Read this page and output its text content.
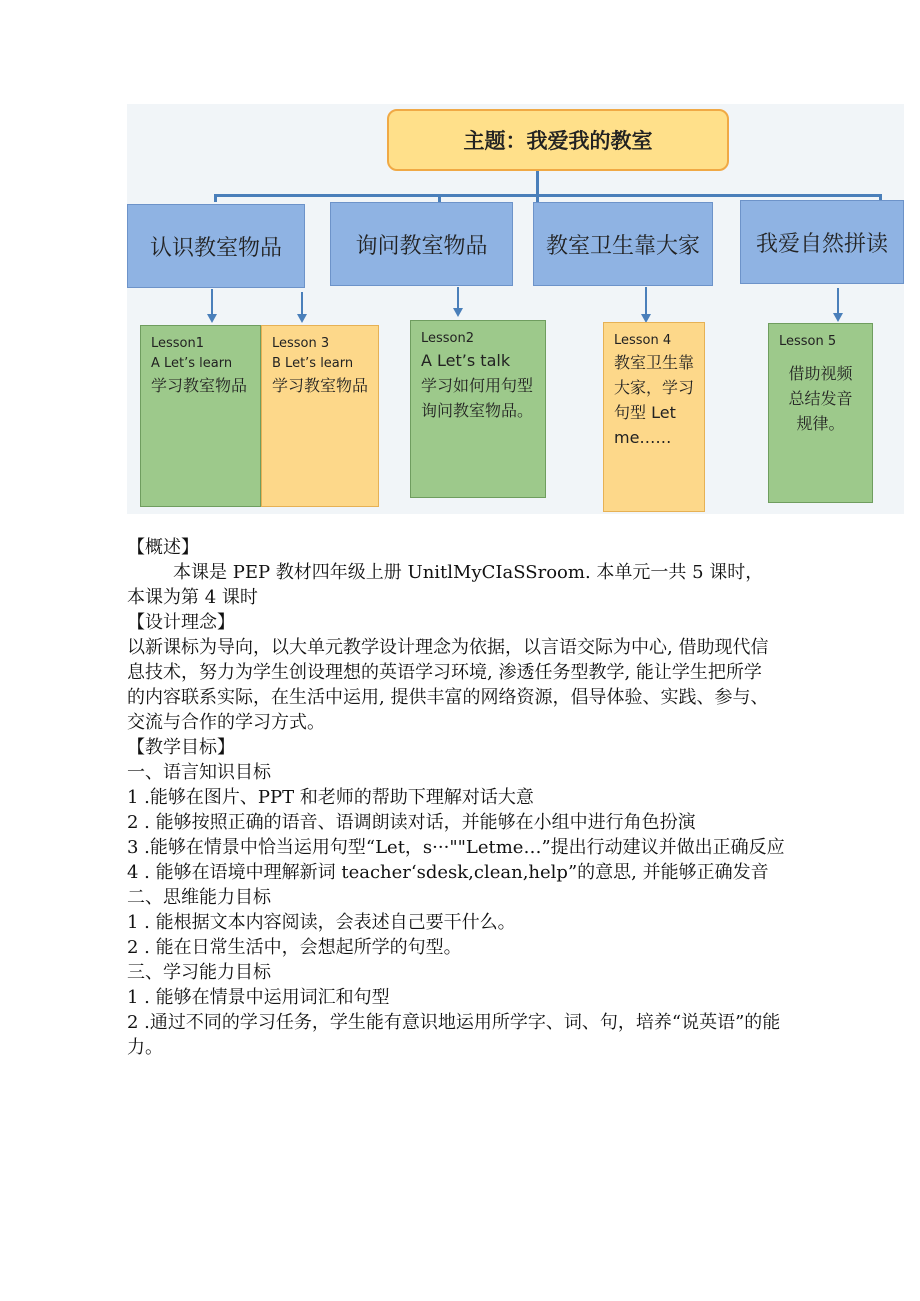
主题：我爱我的教室
认识教室物品	询问教室物品	教室卫生靠大家	我爱自然拼读
Lesson1
A Let’s learn
学习教室物品
Lesson 3
B Let’s learn
学习教室物品
Lesson2
A Let’s talk
学习如何用句型询问教室物品。
Lesson 4
教室卫生靠大家，学习句型 Let me……
Lesson 5
借助视频总结发音规律。

【概述】

本课是 PEP 教材四年级上册 UnitlMyCIaSSroom. 本单元一共 5 课时，

本课为第 4 课时

【设计理念】

以新课标为导向，以大单元教学设计理念为依据，以言语交际为中心, 借助现代信息技术，努力为学生创设理想的英语学习环境, 渗透任务型教学, 能让学生把所学的内容联系实际，在生活中运用, 提供丰富的网络资源，倡导体验、实践、参与、交流与合作的学习方式。

【教学目标】

一、语言知识目标

1 .能够在图片、PPT 和老师的帮助下理解对话大意

2 . 能够按照正确的语音、语调朗读对话，并能够在小组中进行角色扮演

3 .能够在情景中恰当运用句型“Let，s···""Letme…”提出行动建议并做出正确反应

4 . 能够在语境中理解新词 teacher‘sdesk,clean,help”的意思, 并能够正确发音

二、思维能力目标

1 . 能根据文本内容阅读，会表述自己要干什么。

2 . 能在日常生活中，会想起所学的句型。

三、学习能力目标

1 . 能够在情景中运用词汇和句型

2 .通过不同的学习任务，学生能有意识地运用所学字、词、句，培养“说英语”的能力。
